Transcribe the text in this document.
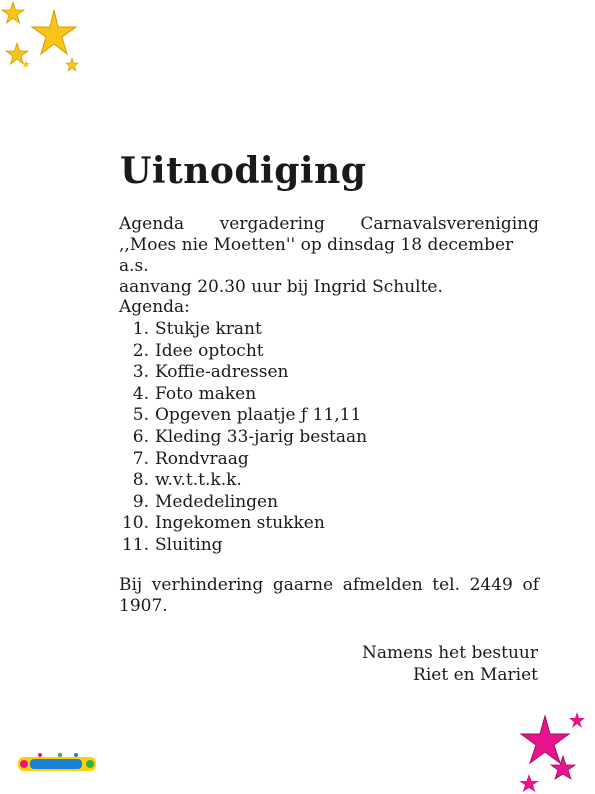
Uitnodiging
Agenda vergadering Carnavalsvereniging
,,Moes nie Moetten'' op dinsdag 18 december a.s.
aanvang 20.30 uur bij Ingrid Schulte.
Agenda:
1. Stukje krant
2. Idee optocht
3. Koffie-adressen
4. Foto maken
5. Opgeven plaatje ƒ 11,11
6. Kleding 33-jarig bestaan
7. Rondvraag
8. w.v.t.t.k.k.
9. Mededelingen
10. Ingekomen stukken
11. Sluiting
Bij verhindering gaarne afmelden tel. 2449 of
1907.
Namens het bestuur
Riet en Mariet
